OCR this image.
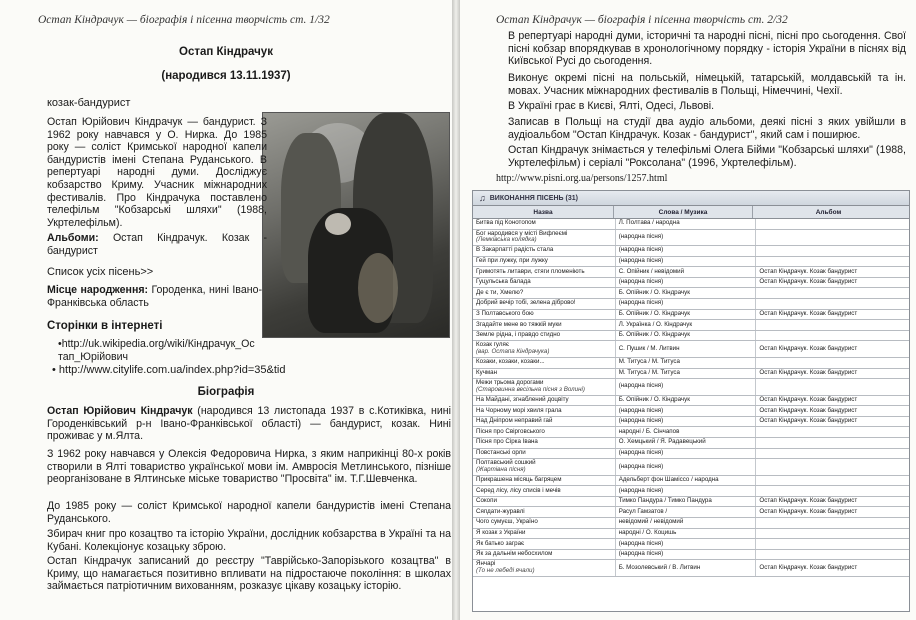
Остап Кіндрачук — біографія і пісенна творчість ст. 1/32
Остап Кіндрачук
(народився 13.11.1937)
козак-бандурист

Остап Юрійович Кіндрачук — бандурист. З 1962 року навчався у О. Нирка. До 1985 року — соліст Кримської народної капели бандуристів імені Степана Руданського. В репертуарі народні думи. Досліджує кобзарство Криму. Учасник міжнародних фестивалів. Про Кіндрачука поставлено телефільм "Кобзарські шляхи" (1988, Укртелефільм).

Альбоми: Остап Кіндрачук. Козак - бандурист

Список усіх пісень>>

Місце народження: Городенка, нині Івано-Франківська область

Сторінки в інтернеті

•http://uk.wikipedia.org/wiki/Кіндрачук_Остап_Юрійович

• http://www.citylife.com.ua/index.php?id=35&tid
Біографія

Остап Юрійович Кіндрачук (народився 13 листопада 1937 в с.Котиківка, нині Городенківський р-н Івано-Франківської області) — бандурист, козак. Нині проживає у м.Ялта.

З 1962 року навчався у Олексія Федоровича Нирка, з яким наприкінці 80-х років створили в Ялті товариство української мови ім. Амвросія Метлинського, пізніше реорганізоване в Ялтинське міське товариство "Просвіта" ім. Т.Г.Шевченка.

До 1985 року — соліст Кримської народної капели бандуристів імені Степана Руданського.

Збирач книг про козацтво та історію України, дослідник кобзарства в Україні та на Кубані. Колекціонує козацьку зброю.

Остап Кіндрачук записаний до реєстру "Таврійсько-Запорізького козацтва" в Криму, що намагається позитивно впливати на підростаюче покоління: в школах займається патріотичним вихованням, розказує цікаву козацьку історію.

Остап Кіндрачук — біографія і пісенна творчість ст. 2/32

В репертуарі народні думи, історичні та народні пісні, пісні про сьогодення. Свої пісні кобзар впорядкував в хронологічному порядку - історія України в піснях від Київської Русі до сьогодення.

Виконує окремі пісні на польській, німецькій, татарській, молдавській та ін. мовах. Учасник міжнародних фестивалів в Польщі, Німеччині, Чехії.

В Україні грає в Києві, Ялті, Одесі, Львові.

Записав в Польщі на студії два аудіо альбоми, деякі пісні з яких увійшли в аудіоальбом "Остап Кіндрачук. Козак - бандурист", який сам і поширює.

Остап Кіндрачук знімається у телефільмі Олега Бійми "Кобзарські шляхи" (1988, Укртелефільм) і серіалі "Роксолана" (1996, Укртелефільм).

http://www.pisni.org.ua/persons/1257.html
♫ ВИКОНАННЯ ПІСЕНЬ (31)
Назва	Слова / Музика	Альбом
Битва під Конотопом	Л. Полтава / народна
Бог народився у місті Вифлеємі
(Лемківська колядка)	(народна пісня)
В Закарпатті радість стала	(народна пісня)
Гей при лужку, при лужку	(народна пісня)
Гримотять литаври, стяги пломеніють	С. Опійник / невідомий	Остап Кіндрачук. Козак бандурист
Гуцульська балада	(народна пісня)	Остап Кіндрачук. Козак бандурист
Де є ти, Хмелю?	Б. Опійник / О. Кіндрачук
Добрий вечір тобі, зелена діброво!	(народна пісня)
З Полтавського бою	Б. Опійник / О. Кіндрачук	Остап Кіндрачук. Козак бандурист
Згадайте мене во тяжкій муки	Л. Українка / О. Кіндрачук
Земле рідна, і правдо стидно	Б. Опійник / О. Кіндрачук
Козак гуляє
(вар. Остапа Кіндрачука)	С. Пушик / М. Литвин	Остап Кіндрачук. Козак бандурист
Козаки, козаки, козаки...	М. Титуса / М. Титуса
Кучман	М. Титуса / М. Титуса	Остап Кіндрачук. Козак бандурист
Межи трьома дорогами
(Старовинна весільна пісня з Волині)	(народна пісня)
На Майдані, згнаблений доцвіту	Б. Опійник / О. Кіндрачук	Остап Кіндрачук. Козак бандурист
На Чорному морі хвиля грала	(народна пісня)	Остап Кіндрачук. Козак бандурист
Над Дніпром неправий гай	(народна пісня)	Остап Кіндрачук. Козак бандурист
Пісня про Свірговського	народні / Б. Сінчапов
Пісня про Сірка Івана	О. Хемцький / Я. Радавецький
Повстанські орли	(народна пісня)
Полтавський сошкий
(Жартівна пісня)	(народна пісня)
Прикрашена місяць багряцем	Адельберт фон Шаміссо / народна
Серед лісу, лісу списів і мечів	(народна пісня)
Сокопи	Тимко Пандура / Тимко Пандура	Остап Кіндрачук. Козак бандурист
Сяпдати-журавлі	Расул Гамзатов /	Остап Кіндрачук. Козак бандурист
Чого сумуєш, Україно	невідомий / невідомий
Я козак з України	народні / О. Коцишь
Як батько заграє	(народна пісня)
Як за дальнім небосхилом	(народна пісня)
Янчарі
(То не лебеді ячали)	Б. Мозолевський / В. Литвин	Остап Кіндрачук. Козак бандурист
